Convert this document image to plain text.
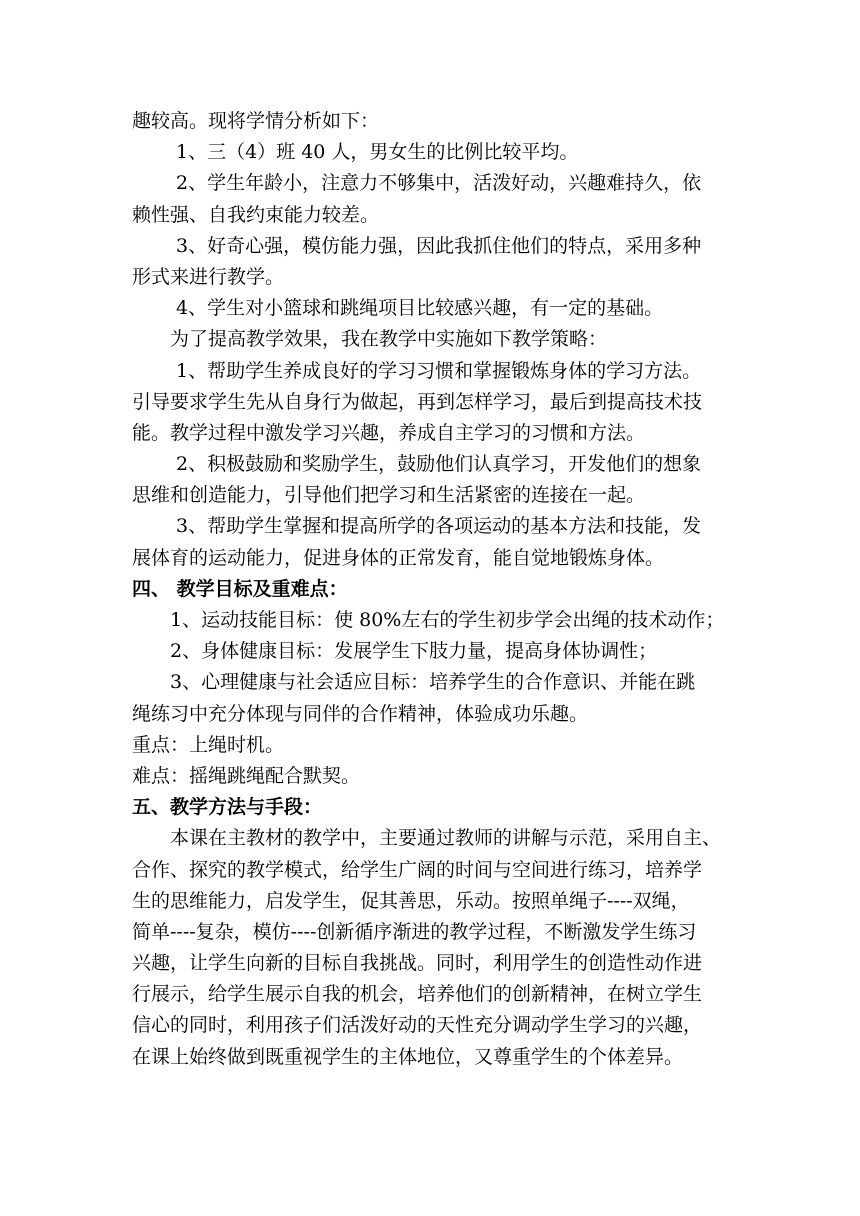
趣较高。现将学情分析如下：
1、三（4）班 40 人，男女生的比例比较平均。
2、学生年龄小，注意力不够集中，活泼好动，兴趣难持久，依
赖性强、自我约束能力较差。
3、好奇心强，模仿能力强，因此我抓住他们的特点，采用多种
形式来进行教学。
4、学生对小篮球和跳绳项目比较感兴趣，有一定的基础。
为了提高教学效果，我在教学中实施如下教学策略：
1、帮助学生养成良好的学习习惯和掌握锻炼身体的学习方法。
引导要求学生先从自身行为做起，再到怎样学习，最后到提高技术技
能。教学过程中激发学习兴趣，养成自主学习的习惯和方法。
2、积极鼓励和奖励学生，鼓励他们认真学习，开发他们的想象
思维和创造能力，引导他们把学习和生活紧密的连接在一起。
3、帮助学生掌握和提高所学的各项运动的基本方法和技能，发
展体育的运动能力，促进身体的正常发育，能自觉地锻炼身体。
四、 教学目标及重难点：
1、运动技能目标：使 80%左右的学生初步学会出绳的技术动作；
2、身体健康目标：发展学生下肢力量，提高身体协调性；
3、心理健康与社会适应目标：培养学生的合作意识、并能在跳
绳练习中充分体现与同伴的合作精神，体验成功乐趣。
重点：上绳时机。
难点：摇绳跳绳配合默契。
五、教学方法与手段：
本课在主教材的教学中，主要通过教师的讲解与示范，采用自主、
合作、探究的教学模式，给学生广阔的时间与空间进行练习，培养学
生的思维能力，启发学生，促其善思，乐动。按照单绳子----双绳，
简单----复杂，模仿----创新循序渐进的教学过程，不断激发学生练习
兴趣，让学生向新的目标自我挑战。同时，利用学生的创造性动作进
行展示，给学生展示自我的机会，培养他们的创新精神，在树立学生
信心的同时，利用孩子们活泼好动的天性充分调动学生学习的兴趣，
在课上始终做到既重视学生的主体地位，又尊重学生的个体差异。
